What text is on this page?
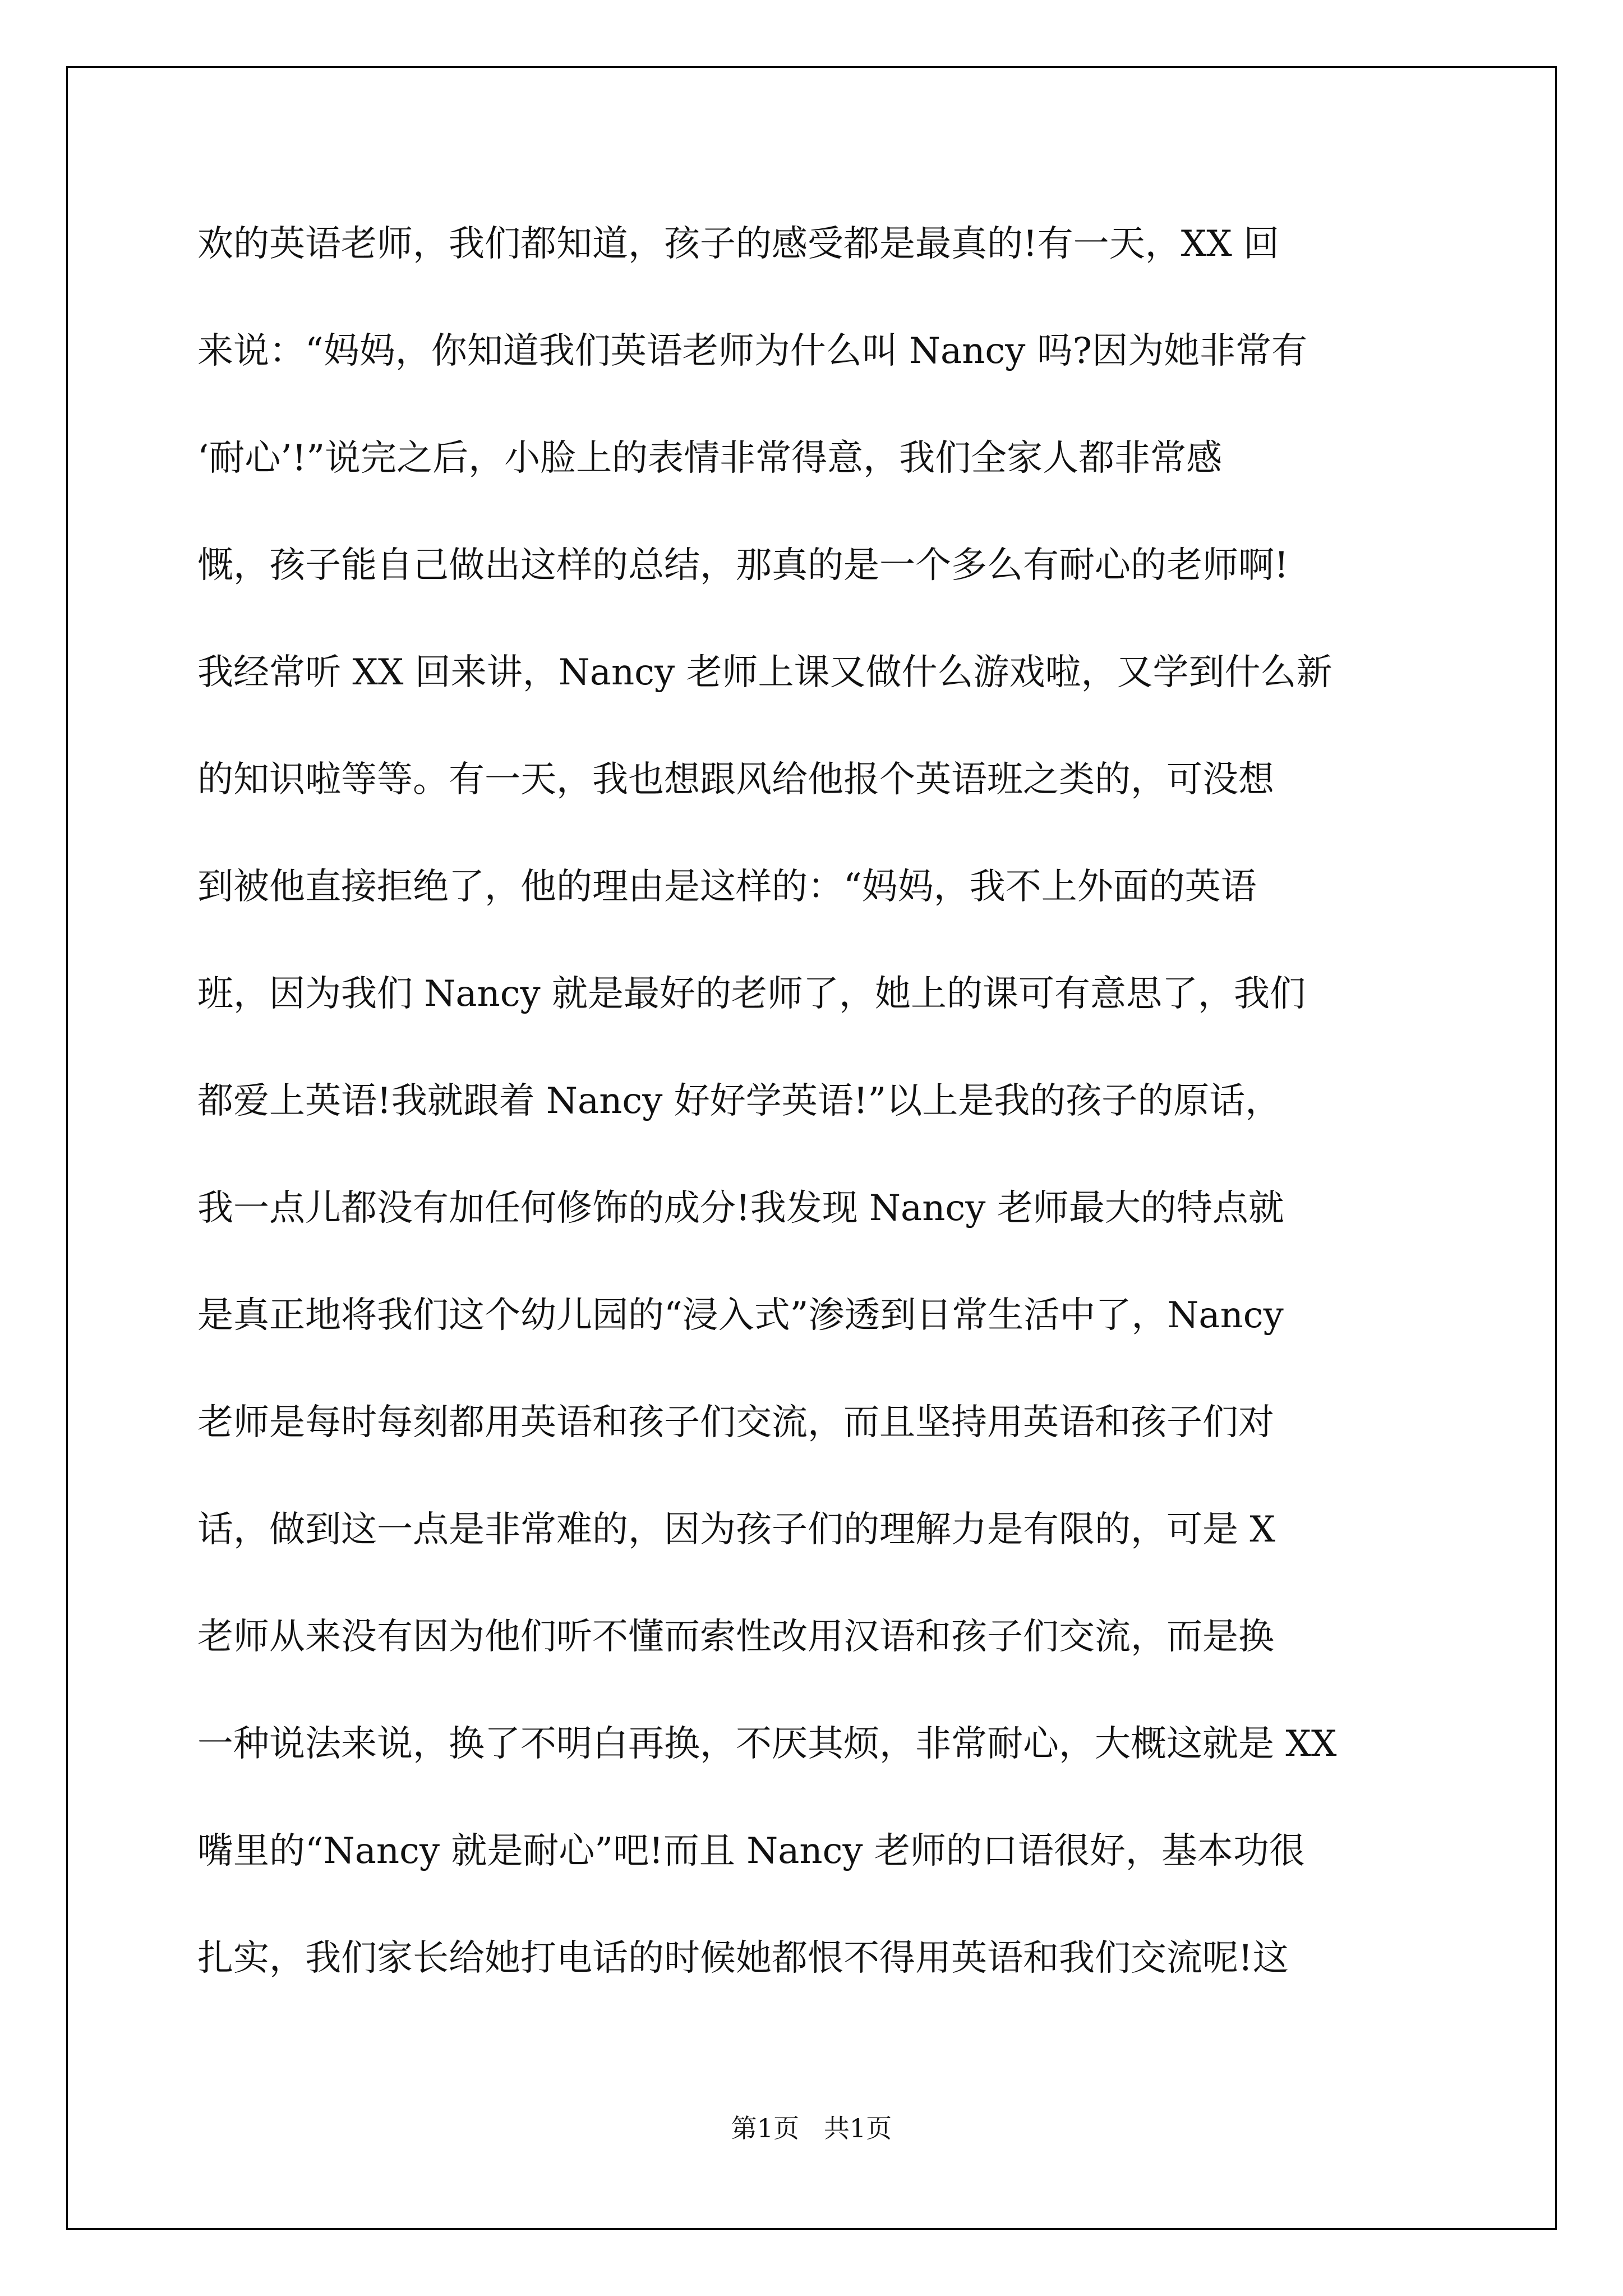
欢的英语老师，我们都知道，孩子的感受都是最真的!有一天，XX 回
来说：“妈妈，你知道我们英语老师为什么叫 Nancy 吗?因为她非常有
‘耐心’!”说完之后，小脸上的表情非常得意，我们全家人都非常感
慨，孩子能自己做出这样的总结，那真的是一个多么有耐心的老师啊!
我经常听 XX 回来讲，Nancy 老师上课又做什么游戏啦，又学到什么新
的知识啦等等。有一天，我也想跟风给他报个英语班之类的，可没想
到被他直接拒绝了，他的理由是这样的：“妈妈，我不上外面的英语
班，因为我们 Nancy 就是最好的老师了，她上的课可有意思了，我们
都爱上英语!我就跟着 Nancy 好好学英语!”以上是我的孩子的原话，
我一点儿都没有加任何修饰的成分!我发现 Nancy 老师最大的特点就
是真正地将我们这个幼儿园的“浸入式”渗透到日常生活中了，Nancy
老师是每时每刻都用英语和孩子们交流，而且坚持用英语和孩子们对
话，做到这一点是非常难的，因为孩子们的理解力是有限的，可是 X
老师从来没有因为他们听不懂而索性改用汉语和孩子们交流，而是换
一种说法来说，换了不明白再换，不厌其烦，非常耐心，大概这就是 XX
嘴里的“Nancy 就是耐心”吧!而且 Nancy 老师的口语很好，基本功很
扎实，我们家长给她打电话的时候她都恨不得用英语和我们交流呢!这
第1页   共1页
